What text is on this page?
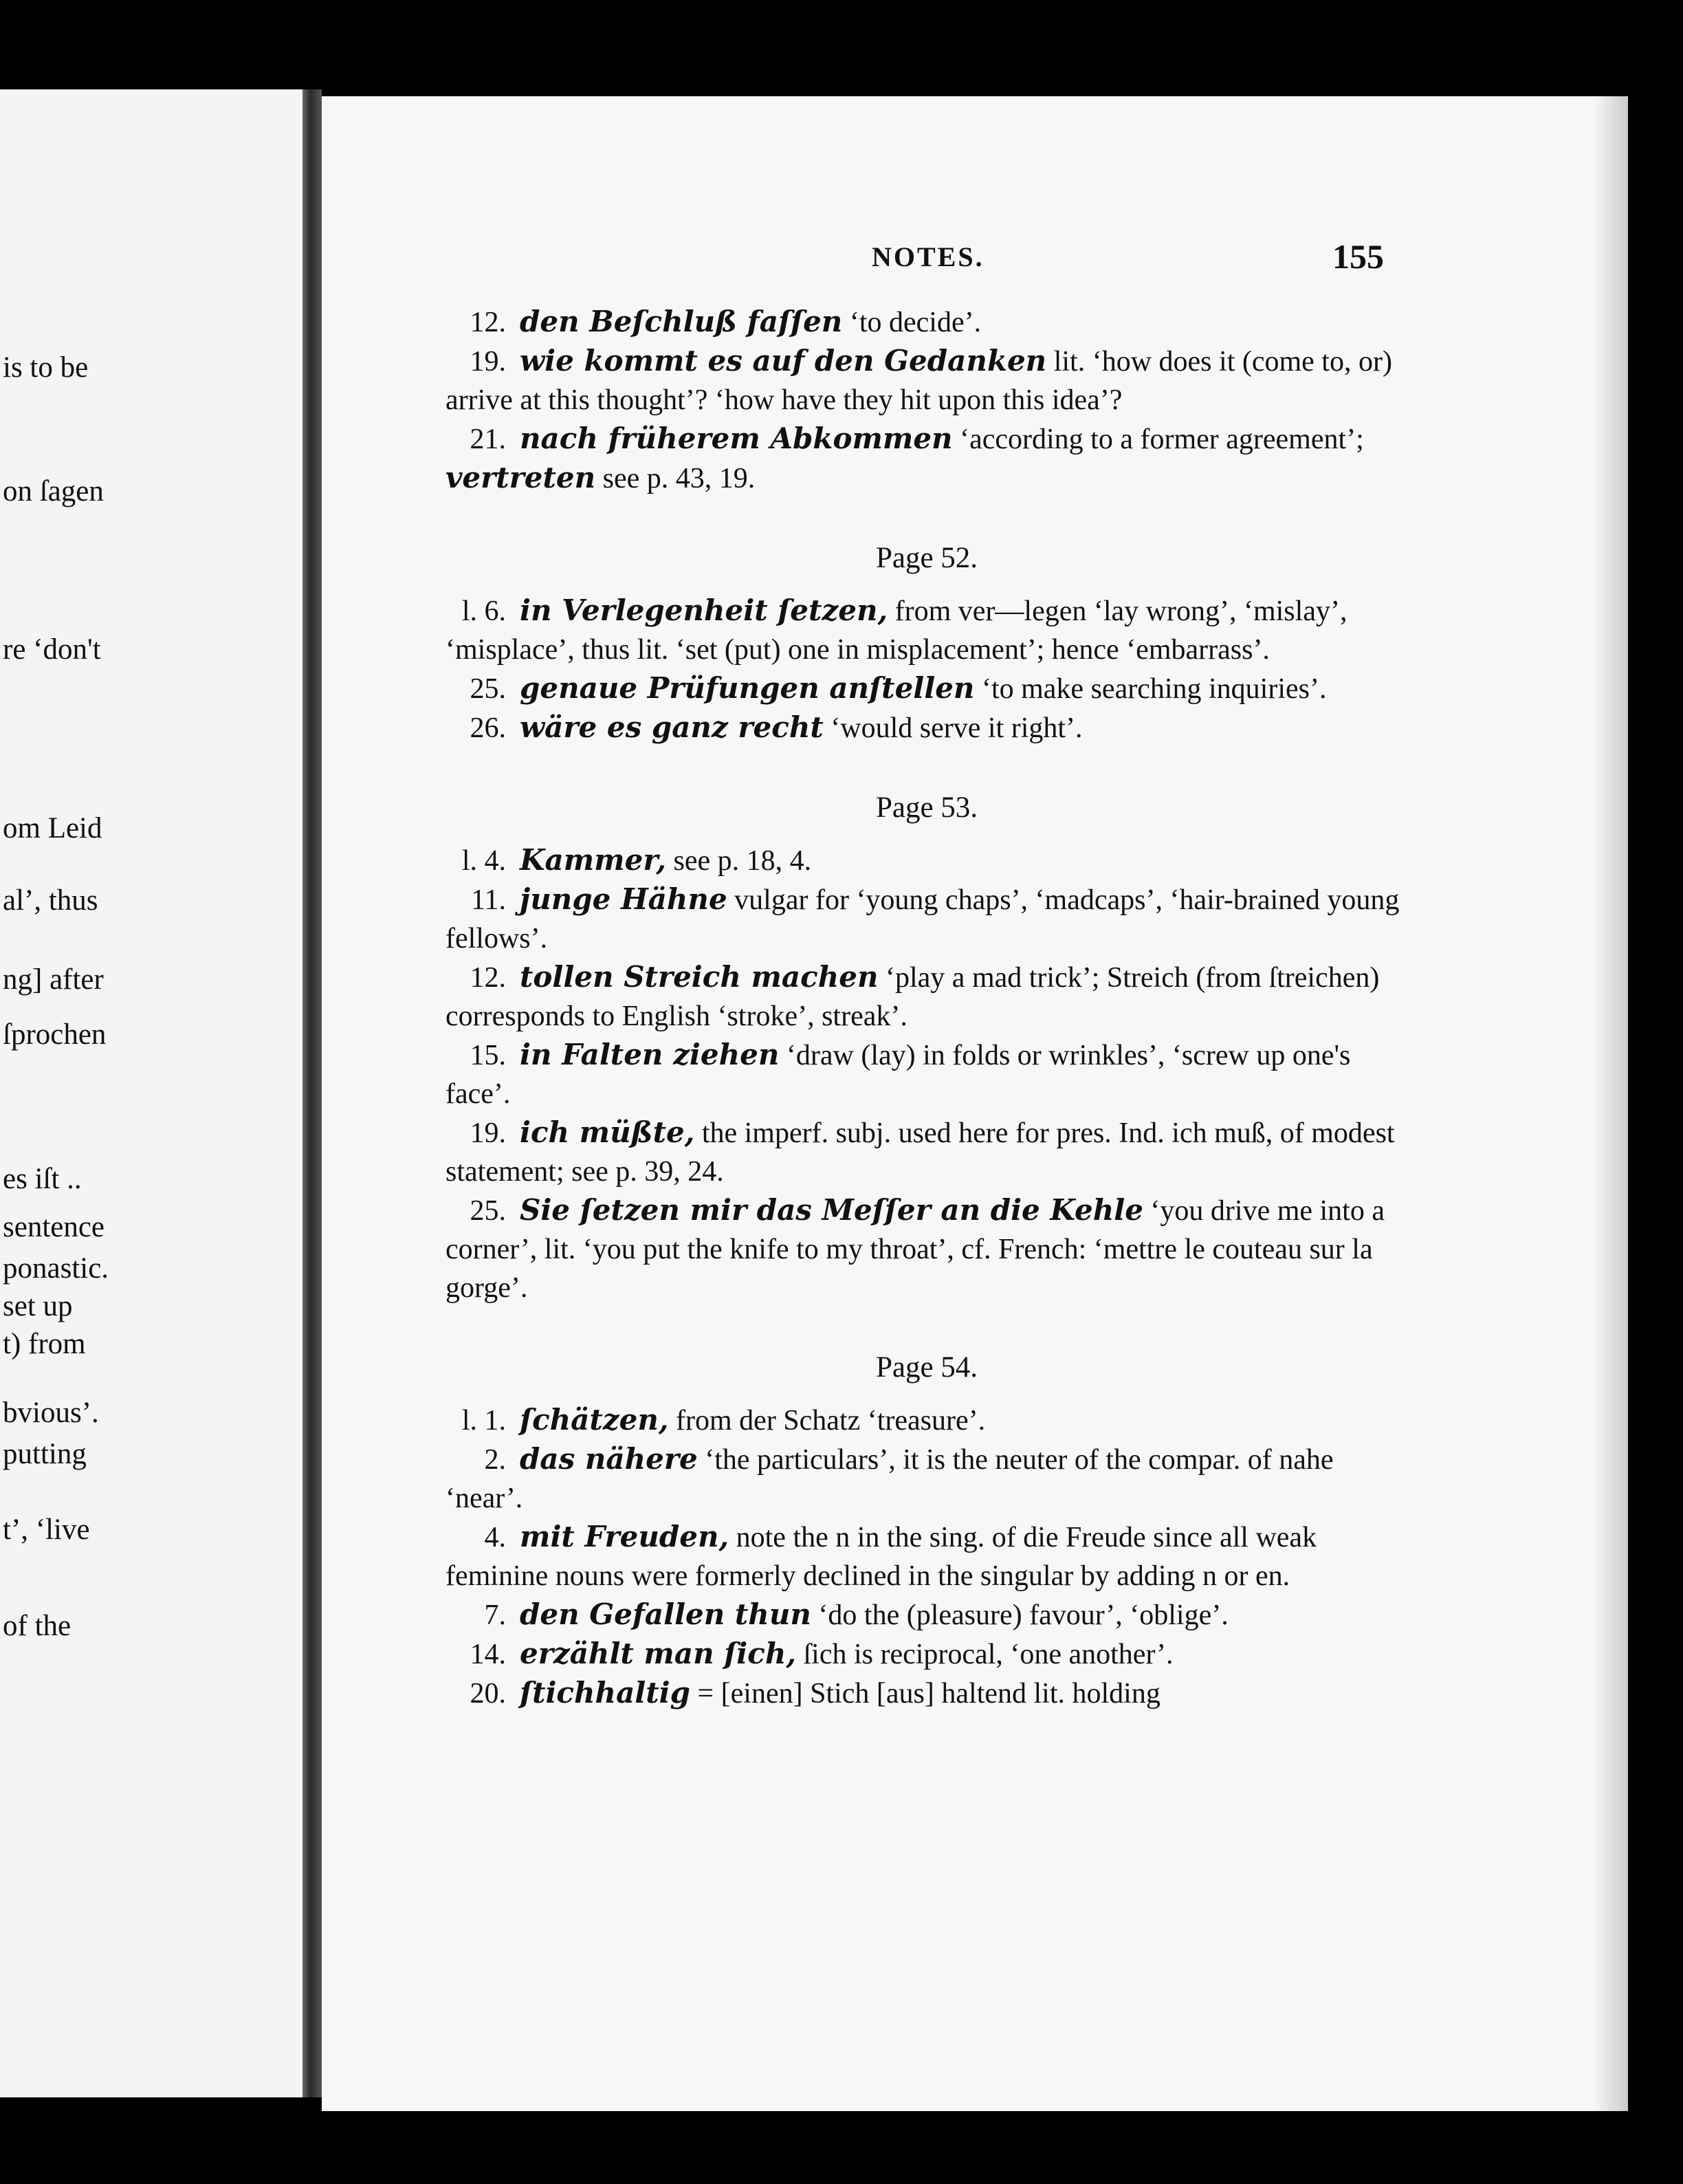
is to be
on ſagen
re ‘don't
om Leid
al’, thus
ng] after
ſprochen
es iſt ..
sentence
ponastic.
set up
t) from
bvious’.
putting
t’, ‘live
of the
NOTES.	155

12. den Beſchluß faſſen ‘to decide’.

19. wie kommt es auf den Gedanken lit. ‘how does it (come to, or) arrive at this thought’? ‘how have they hit upon this idea’?

21. nach früherem Abkommen ‘according to a former agreement’; vertreten see p. 43, 19.

Page 52.

l. 6. in Verlegenheit ſetzen, from ver—legen ‘lay wrong’, ‘mislay’, ‘misplace’, thus lit. ‘set (put) one in misplacement’; hence ‘embarrass’.

25. genaue Prüfungen anſtellen ‘to make searching inquiries’.

26. wäre es ganz recht ‘would serve it right’.

Page 53.

l. 4. Kammer, see p. 18, 4.

11. junge Hähne vulgar for ‘young chaps’, ‘madcaps’, ‘hair-brained young fellows’.

12. tollen Streich machen ‘play a mad trick’; Streich (from ſtreichen) corresponds to English ‘stroke’, streak’.

15. in Falten ziehen ‘draw (lay) in folds or wrinkles’, ‘screw up one's face’.

19. ich müßte, the imperf. subj. used here for pres. Ind. ich muß, of modest statement; see p. 39, 24.

25. Sie ſetzen mir das Meſſer an die Kehle ‘you drive me into a corner’, lit. ‘you put the knife to my throat’, cf. French: ‘mettre le couteau sur la gorge’.

Page 54.

l. 1. ſchätzen, from der Schatz ‘treasure’.

2. das nähere ‘the particulars’, it is the neuter of the compar. of nahe ‘near’.

4. mit Freuden, note the n in the sing. of die Freude since all weak feminine nouns were formerly declined in the singular by adding n or en.

7. den Gefallen thun ‘do the (pleasure) favour’, ‘oblige’.

14. erzählt man ſich, ſich is reciprocal, ‘one another’.

20. ſtichhaltig = [einen] Stich [aus] haltend lit. holding
